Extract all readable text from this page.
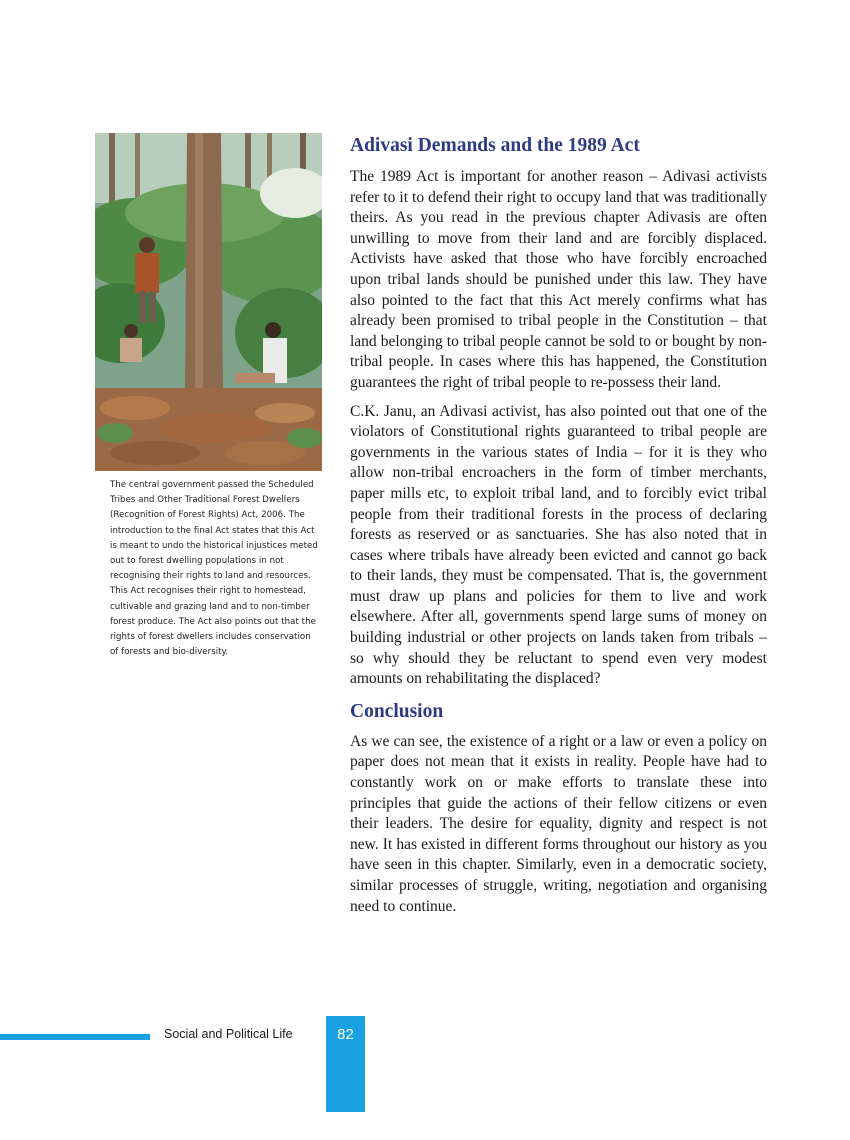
The central government passed the Scheduled Tribes and Other Traditional Forest Dwellers (Recognition of Forest Rights) Act, 2006. The introduction to the final Act states that this Act is meant to undo the historical injustices meted out to forest dwelling populations in not recognising their rights to land and resources. This Act recognises their right to homestead, cultivable and grazing land and to non-timber forest produce. The Act also points out that the rights of forest dwellers includes conservation of forests and bio-diversity.
Adivasi Demands and the 1989 Act

The 1989 Act is important for another reason – Adivasi activists refer to it to defend their right to occupy land that was traditionally theirs. As you read in the previous chapter Adivasis are often unwilling to move from their land and are forcibly displaced. Activists have asked that those who have forcibly encroached upon tribal lands should be punished under this law. They have also pointed to the fact that this Act merely confirms what has already been promised to tribal people in the Constitution – that land belonging to tribal people cannot be sold to or bought by non-tribal people. In cases where this has happened, the Constitution guarantees the right of tribal people to re-possess their land.

C.K. Janu, an Adivasi activist, has also pointed out that one of the violators of Constitutional rights guaranteed to tribal people are governments in the various states of India – for it is they who allow non-tribal encroachers in the form of timber merchants, paper mills etc, to exploit tribal land, and to forcibly evict tribal people from their traditional forests in the process of declaring forests as reserved or as sanctuaries. She has also noted that in cases where tribals have already been evicted and cannot go back to their lands, they must be compensated. That is, the government must draw up plans and policies for them to live and work elsewhere. After all, governments spend large sums of money on building industrial or other projects on lands taken from tribals – so why should they be reluctant to spend even very modest amounts on rehabilitating the displaced?

Conclusion

As we can see, the existence of a right or a law or even a policy on paper does not mean that it exists in reality. People have had to constantly work on or make efforts to translate these into principles that guide the actions of their fellow citizens or even their leaders. The desire for equality, dignity and respect is not new. It has existed in different forms throughout our history as you have seen in this chapter. Similarly, even in a democratic society, similar processes of struggle, writing, negotiation and organising need to continue.

Social and Political Life	82
